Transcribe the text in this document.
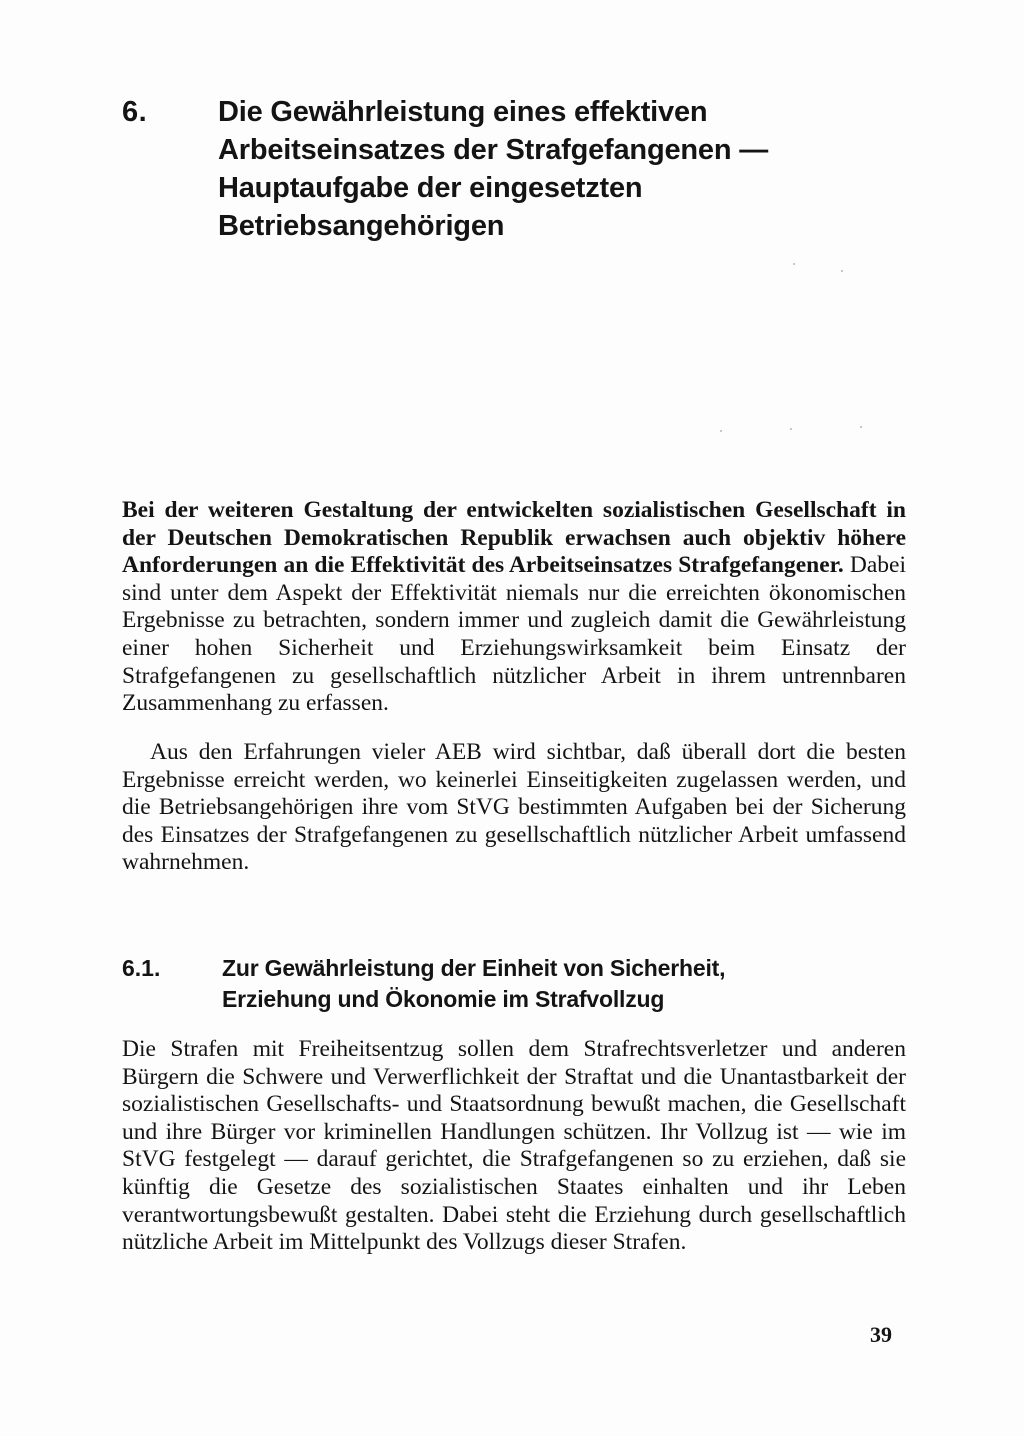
6. Die Gewährleistung eines effektiven
Arbeitseinsatzes der Strafgefangenen —
Hauptaufgabe der eingesetzten
Betriebsangehörigen

Bei der weiteren Gestaltung der entwickelten sozialistischen Gesellschaft in der Deutschen Demokratischen Republik erwachsen auch objektiv höhere Anforderungen an die Effektivität des Arbeitseinsatzes Strafgefangener. Dabei sind unter dem Aspekt der Effektivität niemals nur die erreichten ökonomischen Ergebnisse zu betrachten, sondern immer und zugleich damit die Gewährleistung einer hohen Sicherheit und Erziehungswirksamkeit beim Einsatz der Strafgefangenen zu gesellschaftlich nützlicher Arbeit in ihrem untrennbaren Zusammenhang zu erfassen.

Aus den Erfahrungen vieler AEB wird sichtbar, daß überall dort die besten Ergebnisse erreicht werden, wo keinerlei Einseitigkeiten zugelassen werden, und die Betriebsangehörigen ihre vom StVG bestimmten Aufgaben bei der Sicherung des Einsatzes der Strafgefangenen zu gesellschaftlich nützlicher Arbeit umfassend wahrnehmen.

6.1.	Zur Gewährleistung der Einheit von Sicherheit,
Erziehung und Ökonomie im Strafvollzug

Die Strafen mit Freiheitsentzug sollen dem Strafrechtsverletzer und anderen Bürgern die Schwere und Verwerflichkeit der Straftat und die Unantastbarkeit der sozialistischen Gesellschafts- und Staatsordnung bewußt machen, die Gesellschaft und ihre Bürger vor kriminellen Handlungen schützen. Ihr Vollzug ist — wie im StVG festgelegt — darauf gerichtet, die Strafgefangenen so zu erziehen, daß sie künftig die Gesetze des sozialistischen Staates einhalten und ihr Leben verantwortungsbewußt gestalten. Dabei steht die Erziehung durch gesellschaftlich nützliche Arbeit im Mittelpunkt des Vollzugs dieser Strafen.

39
